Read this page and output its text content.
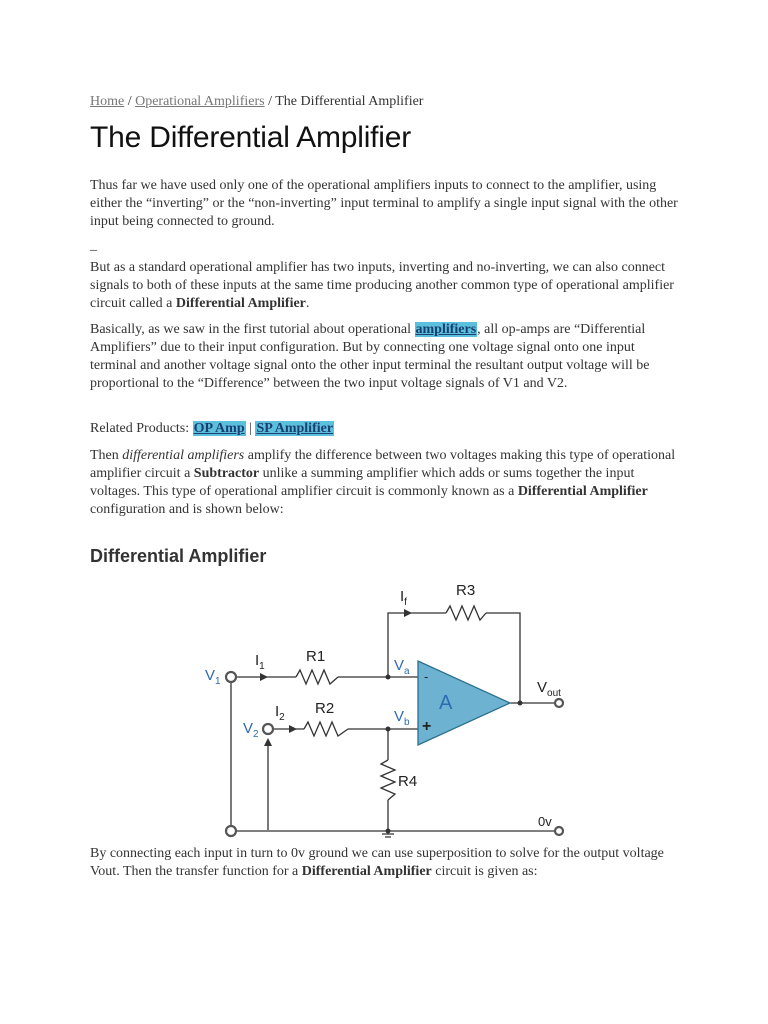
Home / Operational Amplifiers / The Differential Amplifier
The Differential Amplifier

Thus far we have used only one of the operational amplifiers inputs to connect to the amplifier, using either the “inverting” or the “non-inverting” input terminal to amplify a single input signal with the other input being connected to ground.

_

But as a standard operational amplifier has two inputs, inverting and no-inverting, we can also connect signals to both of these inputs at the same time producing another common type of operational amplifier circuit called a Differential Amplifier.

Basically, as we saw in the first tutorial about operational amplifiers, all op-amps are “Differential Amplifiers” due to their input configuration. But by connecting one voltage signal onto one input terminal and another voltage signal onto the other input terminal the resultant output voltage will be proportional to the “Difference” between the two input voltage signals of V1 and V2.

Related Products: OP Amp | SP Amplifier

Then differential amplifiers amplify the difference between two voltages making this type of operational amplifier circuit a Subtractor unlike a summing amplifier which adds or sums together the input voltages. This type of operational amplifier circuit is commonly known as a Differential Amplifier configuration and is shown below:

Differential Amplifier

By connecting each input in turn to 0v ground we can use superposition to solve for the output voltage Vout. Then the transfer function for a Differential Amplifier circuit is given as:

$I_f$
R3
$I_1$
R1
$I_2$
R2
R4
$V_{out}$
0v
-
+
$V_a$
$V_1$
$V_b$
$V_2$
A
